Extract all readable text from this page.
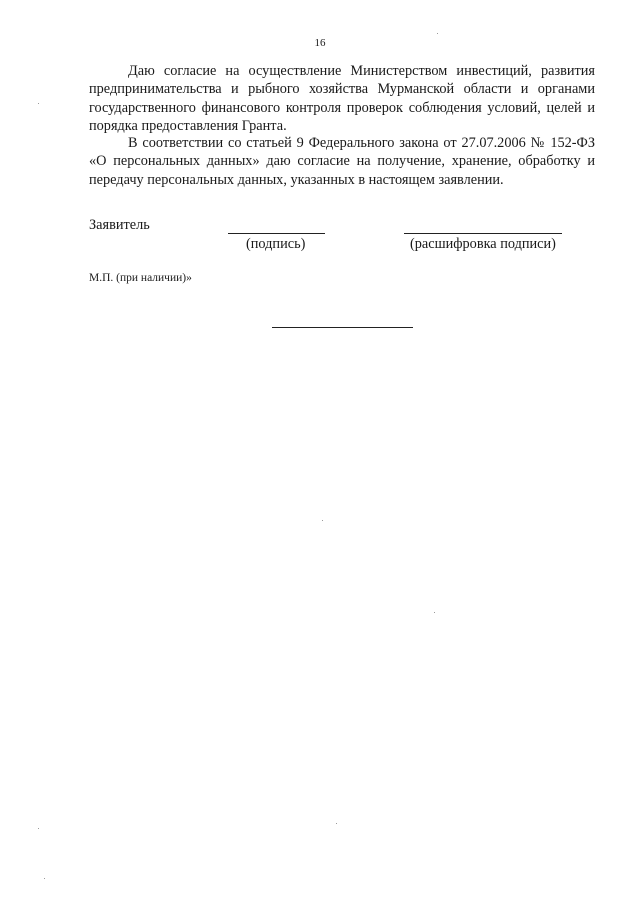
16

Даю согласие на осуществление Министерством инвестиций, развития предпринимательства и рыбного хозяйства Мурманской области и органами государственного финансового контроля проверок соблюдения условий, целей и порядка предоставления Гранта.

В соответствии со статьей 9 Федерального закона от 27.07.2006 № 152-ФЗ «О персональных данных» даю согласие на получение, хранение, обработку и передачу персональных данных, указанных в настоящем заявлении.

Заявитель
(подпись)	(расшифровка подписи)
М.П. (при наличии)»
